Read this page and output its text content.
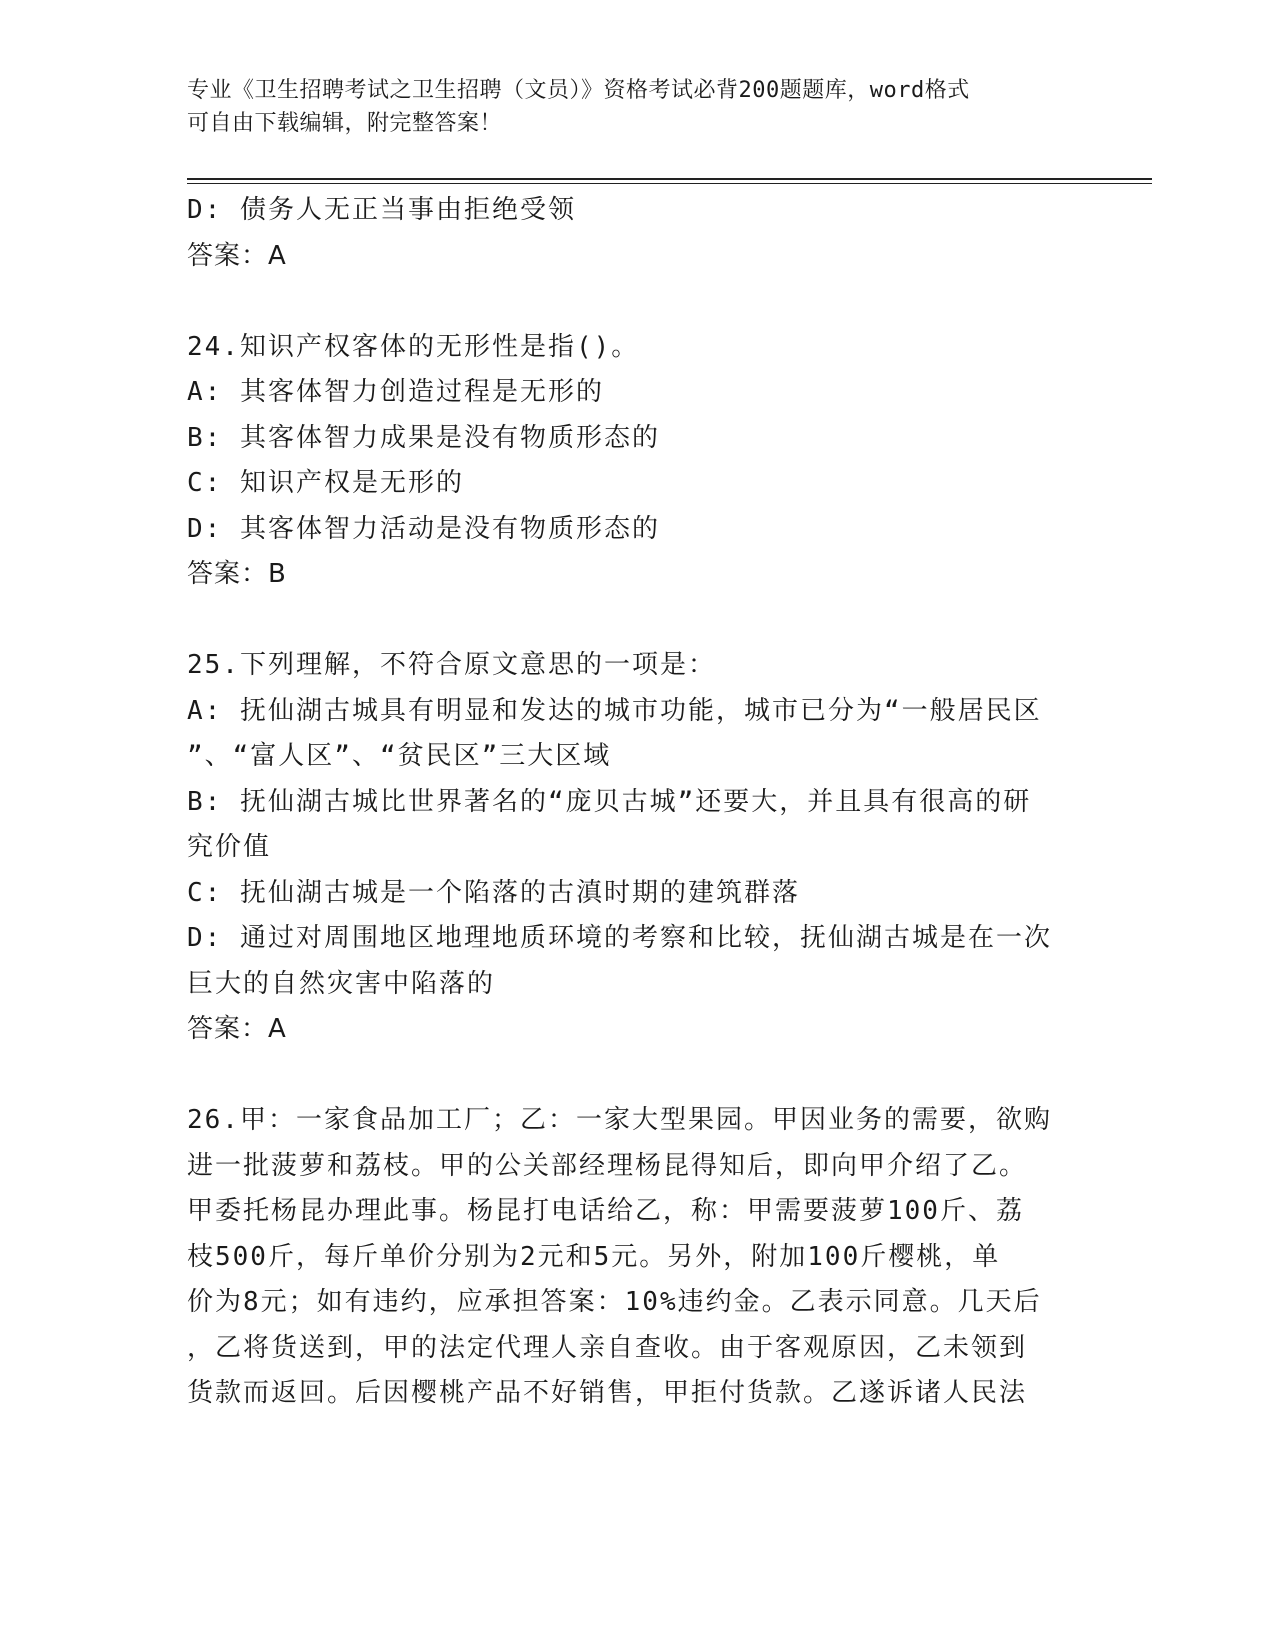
专业《卫生招聘考试之卫生招聘（文员）》资格考试必背200题题库，word格式
可自由下载编辑，附完整答案！
D: 债务人无正当事由拒绝受领
答案：A
24.知识产权客体的无形性是指()。
A: 其客体智力创造过程是无形的
B: 其客体智力成果是没有物质形态的
C: 知识产权是无形的
D: 其客体智力活动是没有物质形态的
答案：B
25.下列理解，不符合原文意思的一项是：
A: 抚仙湖古城具有明显和发达的城市功能，城市已分为“一般居民区
”、“富人区”、“贫民区”三大区域
B: 抚仙湖古城比世界著名的“庞贝古城”还要大，并且具有很高的研
究价值
C: 抚仙湖古城是一个陷落的古滇时期的建筑群落
D: 通过对周围地区地理地质环境的考察和比较，抚仙湖古城是在一次
巨大的自然灾害中陷落的
答案：A
26.甲：一家食品加工厂；乙：一家大型果园。甲因业务的需要，欲购
进一批菠萝和荔枝。甲的公关部经理杨昆得知后，即向甲介绍了乙。
甲委托杨昆办理此事。杨昆打电话给乙，称：甲需要菠萝100斤、荔
枝500斤，每斤单价分别为2元和5元。另外，附加100斤樱桃，单
价为8元；如有违约，应承担答案：10%违约金。乙表示同意。几天后
，乙将货送到，甲的法定代理人亲自查收。由于客观原因，乙未领到
货款而返回。后因樱桃产品不好销售，甲拒付货款。乙遂诉诸人民法
